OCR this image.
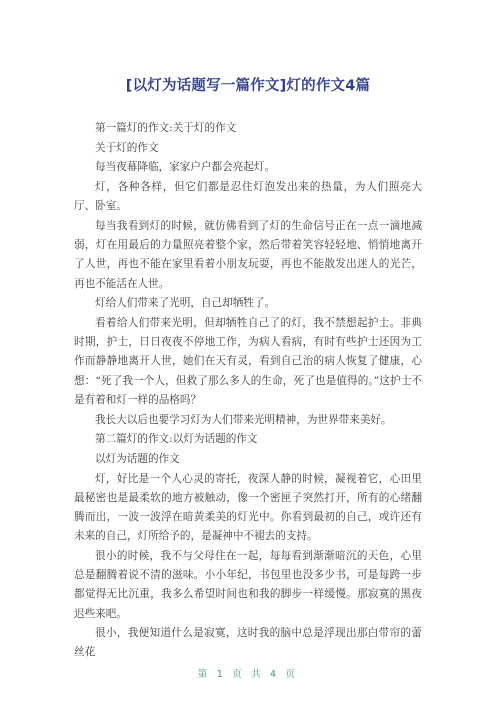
[以灯为话题写一篇作文]灯的作文4篇

第一篇灯的作文:关于灯的作文

关于灯的作文

每当夜幕降临，家家户户都会亮起灯。

灯，各种各样，但它们都是忍住灯泡发出来的热量，为人们照亮大厅、卧室。

每当我看到灯的时候，就仿佛看到了灯的生命信号正在一点一滴地减弱，灯在用最后的力量照亮着整个家，然后带着笑容轻轻地、悄悄地离开了人世，再也不能在家里看着小朋友玩耍，再也不能散发出迷人的光芒，再也不能活在人世。

灯给人们带来了光明，自己却牺牲了。

看着给人们带来光明，但却牺牲自己了的灯，我不禁想起护士。非典时期，护士，日日夜夜不停地工作，为病人看病，有时有些护士还因为工作而静静地离开人世，她们在天有灵，看到自己治的病人恢复了健康，心想：“死了我一个人，但救了那么多人的生命，死了也是值得的。”这护士不是有着和灯一样的品格吗？

我长大以后也要学习灯为人们带来光明精神，为世界带来美好。

第二篇灯的作文:以灯为话题的作文

以灯为话题的作文

灯，好比是一个人心灵的寄托，夜深人静的时候，凝视着它，心田里最秘密也是最柔软的地方被触动，像一个密匣子突然打开，所有的心绪翻腾而出，一波一波浮在暗黄柔美的灯光中。你看到最初的自己，或许还有未来的自己，灯所给予的，是凝神中不褪去的支持。

很小的时候，我不与父母住在一起，每每看到渐渐暗沉的天色，心里总是翻腾着说不清的滋味。小小年纪，书包里也没多少书，可是每跨一步都觉得无比沉重，我多么希望时间也和我的脚步一样缓慢。那寂寞的黑夜迟些来吧。

很小，我便知道什么是寂寞，这时我的脑中总是浮现出那白带帘的蕾丝花

第 1 页 共 4 页
